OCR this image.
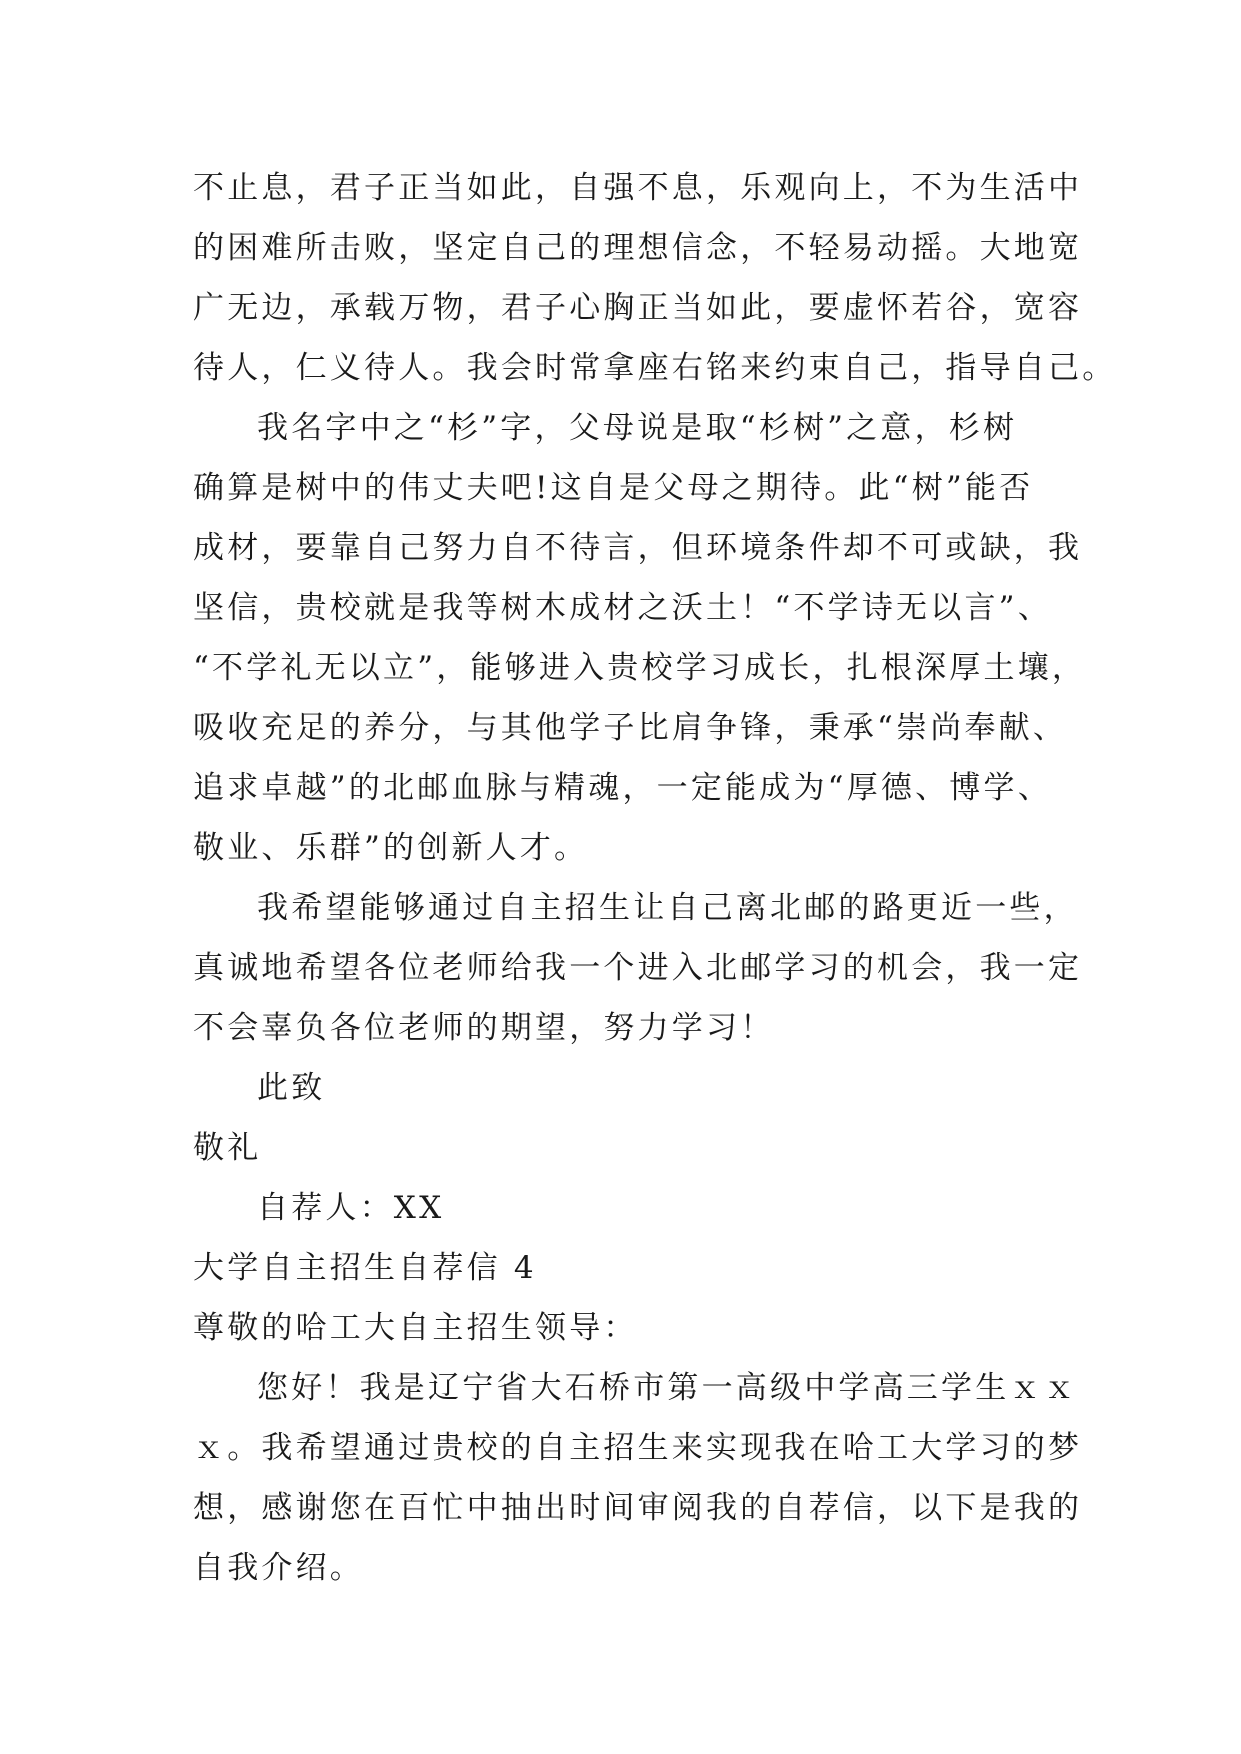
不止息，君子正当如此，自强不息，乐观向上，不为生活中
的困难所击败，坚定自己的理想信念，不轻易动摇。大地宽
广无边，承载万物，君子心胸正当如此，要虚怀若谷，宽容
待人，仁义待人。我会时常拿座右铭来约束自己，指导自己。
我名字中之“杉”字，父母说是取“杉树”之意，杉树
确算是树中的伟丈夫吧!这自是父母之期待。此“树”能否
成材，要靠自己努力自不待言，但环境条件却不可或缺，我
坚信，贵校就是我等树木成材之沃土！“不学诗无以言”、
“不学礼无以立”，能够进入贵校学习成长，扎根深厚土壤，
吸收充足的养分，与其他学子比肩争锋，秉承“崇尚奉献、
追求卓越”的北邮血脉与精魂，一定能成为“厚德、博学、
敬业、乐群”的创新人才。
我希望能够通过自主招生让自己离北邮的路更近一些，
真诚地希望各位老师给我一个进入北邮学习的机会，我一定
不会辜负各位老师的期望，努力学习！
此致
敬礼
自荐人：XX
大学自主招生自荐信 4
尊敬的哈工大自主招生领导：
您好！我是辽宁省大石桥市第一高级中学高三学生ｘｘ
ｘ。我希望通过贵校的自主招生来实现我在哈工大学习的梦
想，感谢您在百忙中抽出时间审阅我的自荐信，以下是我的
自我介绍。
